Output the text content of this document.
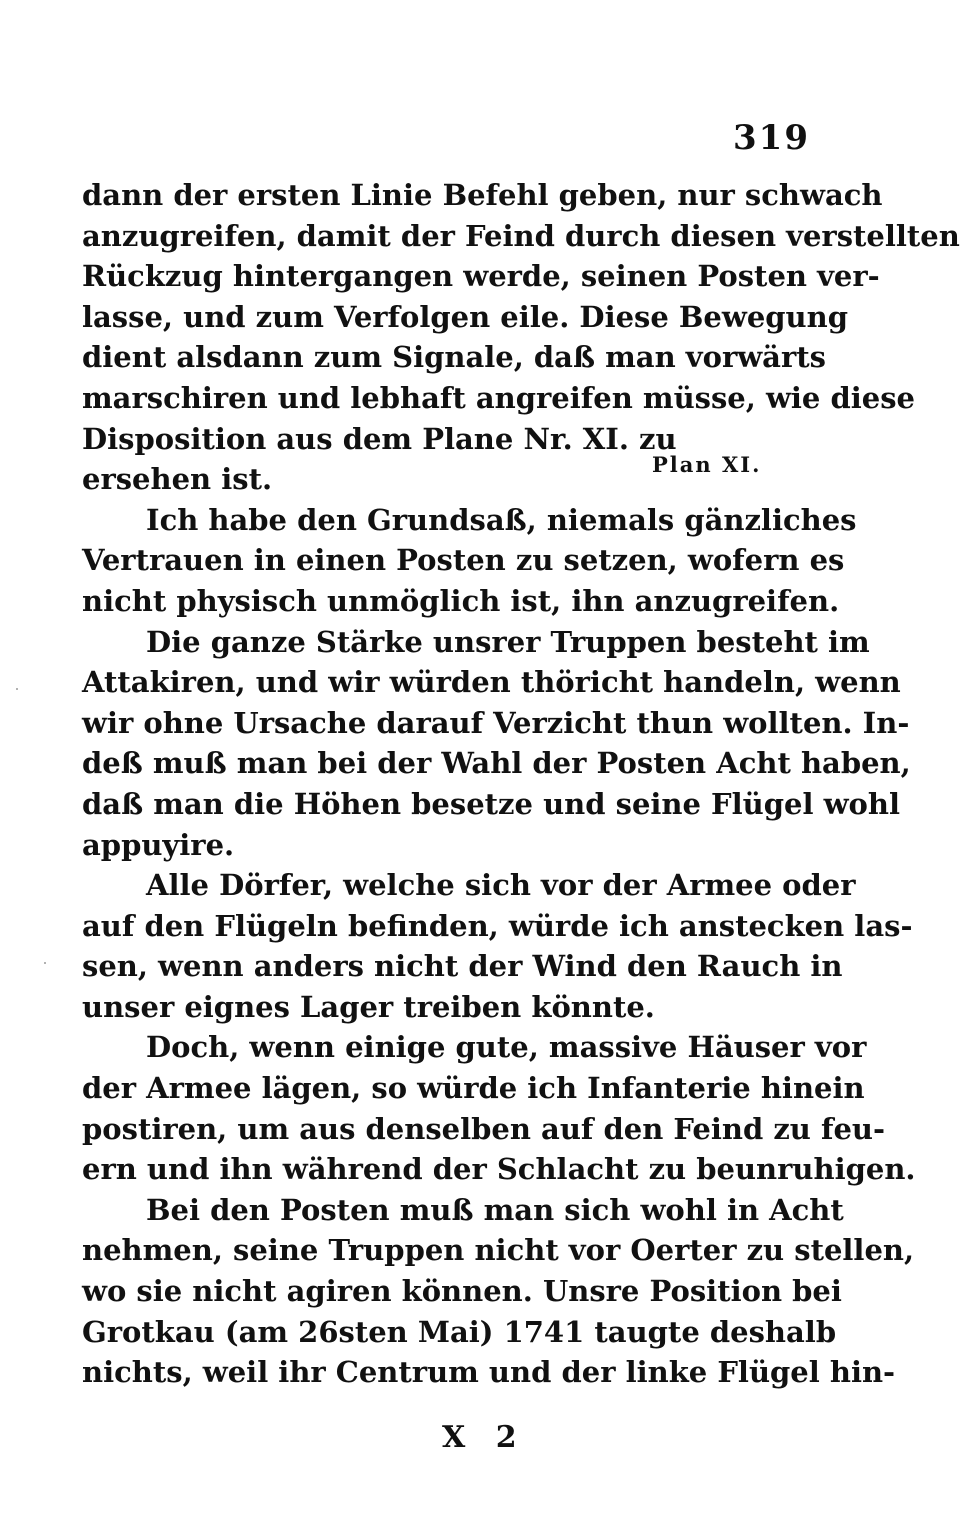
319
Plan XI.
dann der ersten Linie Befehl geben, nur schwach
anzugreifen, damit der Feind durch diesen verstellten
Rückzug hintergangen werde, seinen Posten ver-
lasse, und zum Verfolgen eile. Diese Bewegung
dient alsdann zum Signale, daß man vorwärts
marschiren und lebhaft angreifen müsse, wie diese
Disposition aus dem Plane Nr. XI. zu
ersehen ist.
Ich habe den Grundsaß, niemals gänzliches
Vertrauen in einen Posten zu setzen, wofern es
nicht physisch unmöglich ist, ihn anzugreifen.
Die ganze Stärke unsrer Truppen besteht im
Attakiren, und wir würden thöricht handeln, wenn
wir ohne Ursache darauf Verzicht thun wollten. In-
deß muß man bei der Wahl der Posten Acht haben,
daß man die Höhen besetze und seine Flügel wohl
appuyire.
Alle Dörfer, welche sich vor der Armee oder
auf den Flügeln befinden, würde ich anstecken las-
sen, wenn anders nicht der Wind den Rauch in
unser eignes Lager treiben könnte.
Doch, wenn einige gute, massive Häuser vor
der Armee lägen, so würde ich Infanterie hinein
postiren, um aus denselben auf den Feind zu feu-
ern und ihn während der Schlacht zu beunruhigen.
Bei den Posten muß man sich wohl in Acht
nehmen, seine Truppen nicht vor Oerter zu stellen,
wo sie nicht agiren können. Unsre Position bei
Grotkau (am 26sten Mai) 1741 taugte deshalb
nichts, weil ihr Centrum und der linke Flügel hin-
X 2
